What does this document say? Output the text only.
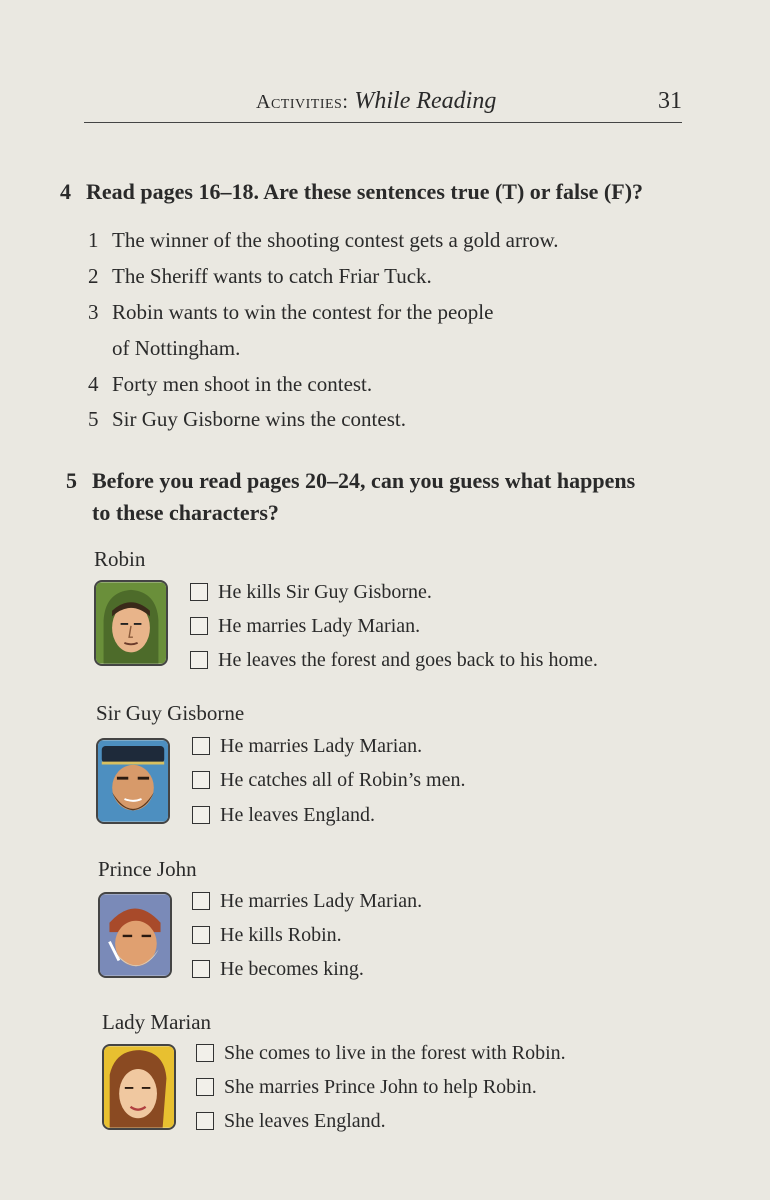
Activities: While Reading	31
4 Read pages 16–18. Are these sentences true (T) or false (F)?
1 The winner of the shooting contest gets a gold arrow.
2 The Sheriff wants to catch Friar Tuck.
3 Robin wants to win the contest for the people
of Nottingham.
4 Forty men shoot in the contest.
5 Sir Guy Gisborne wins the contest.
5 Before you read pages 20–24, can you guess what happens
to these characters?
Robin
He kills Sir Guy Gisborne.
He marries Lady Marian.
He leaves the forest and goes back to his home.
Sir Guy Gisborne
He marries Lady Marian.
He catches all of Robin’s men.
He leaves England.
Prince John
He marries Lady Marian.
He kills Robin.
He becomes king.
Lady Marian
She comes to live in the forest with Robin.
She marries Prince John to help Robin.
She leaves England.
